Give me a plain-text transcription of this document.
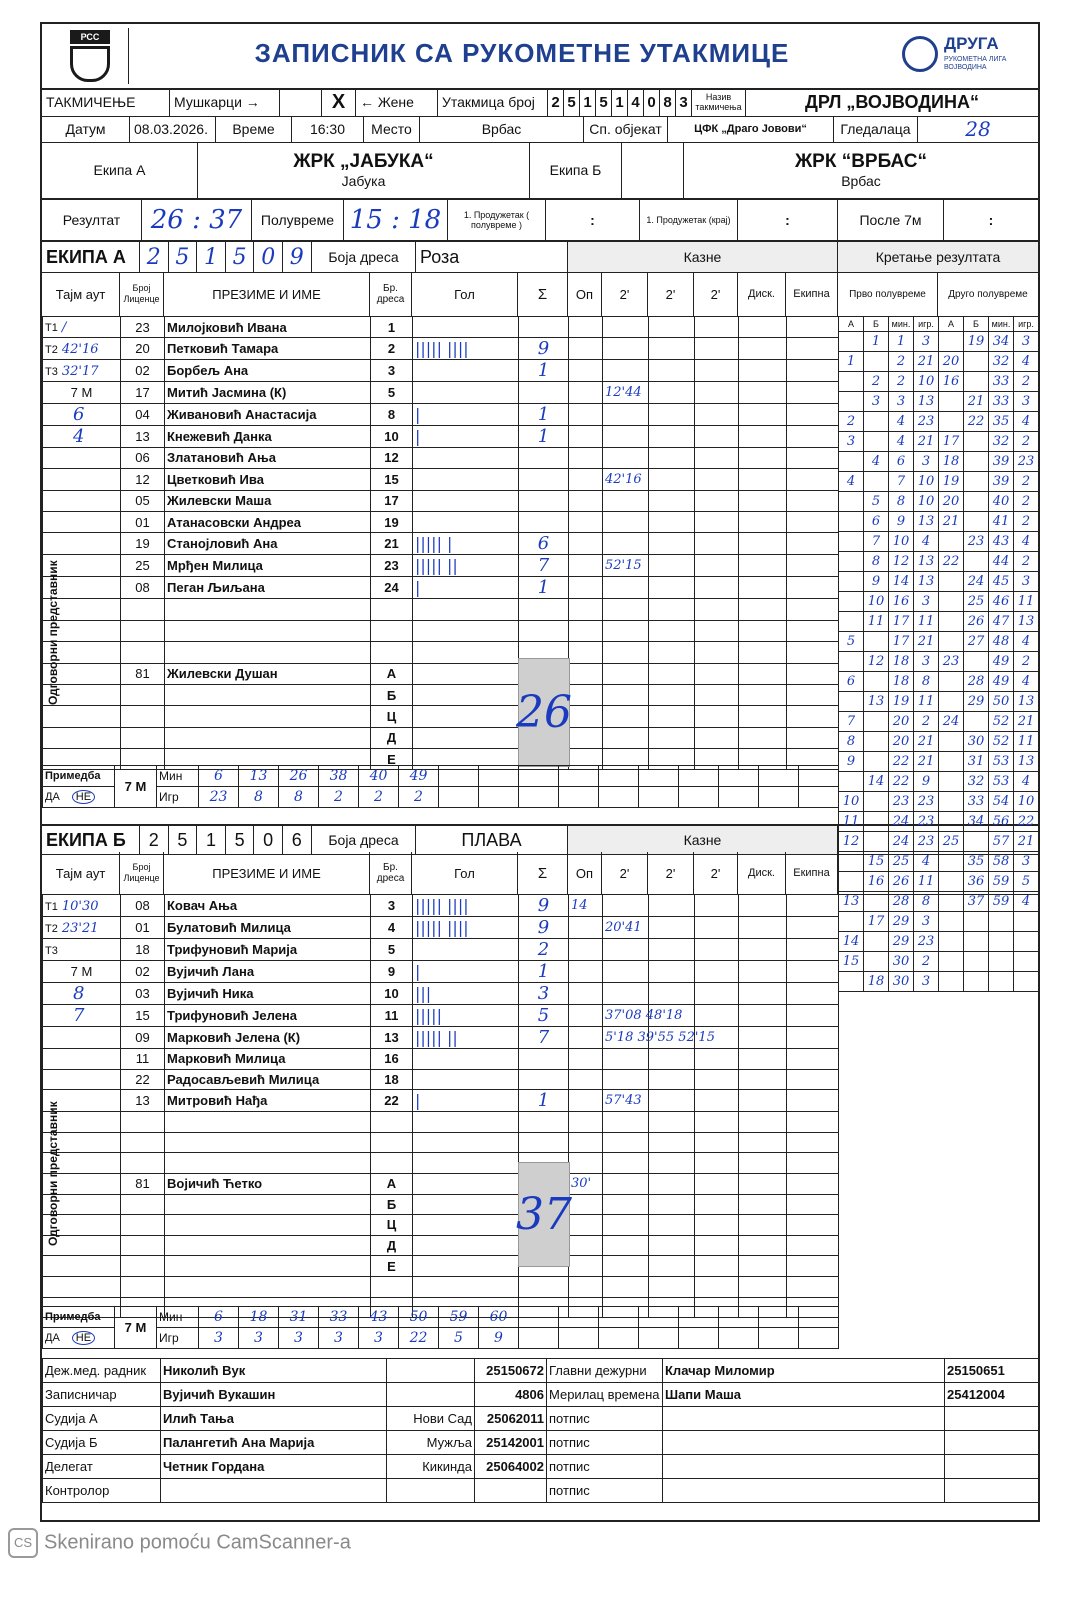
РСС
ЗАПИСНИК СА РУКОМЕТНЕ УТАКМИЦЕ	ДРУГА
РУКОМЕТНА ЛИГА ВОЈВОДИНА
ТАКМИЧЕЊЕ	Мушкарци
→	X	←
Жене Утакмица број	2 5 1 5 1 4 0 8 3	Назив такмичења	ДРЛ „ВОЈВОДИНА“
Датум	08.03.2026.	Време	16:30	Место	Врбас	Сп. објекат	ЦФК „Драго Јовови“	Гледалаца	28
Екипа А	ЖРК „ЈАБУКА“
Јабука
Екипа Б	ЖРК “ВРБАС“
Врбас
Резултат	26 : 37	Полувреме 15 : 18	1. Продужетак ( полувреме )	:	1. Продужетак (крај)	:	После 7м	:
ЕКИПА А 2 5 1 5 0 9	Боја дреса	Роза	Казне	Кретање резултата
Тајм аут	Број Лиценце	ПРЕЗИМЕ И ИМЕ	Бр. дреса	Гол	Σ	Оп	2'	2'	2'	Диск.	Екипна	Прво полувреме	Друго полувреме
T1 /	23	Милојковић Ивана	1								
T2 42'16	20	Петковић Тамара	2	||||| ||||	9						
T3 32'17	02	Борбељ Ана	3		1						
7 М	17	Митић Јасмина (К)	5				12'44				
6	04	Живановић Анастасија	8	|	1						
4	13	Кнежевић Данка	10	|	1						
	06	Златановић Ања	12								
	12	Цветковић Ива	15				42'16				
	05	Жилевски Маша	17								
	01	Атанасовски Андреа	19								
	19	Станојловић Ана	21	||||| |	6						
	25	Мрђен Милица	23	||||| ||	7		52'15				
	08	Пеган Љиљана	24	|	1						

	81	Жилевски Душан	А								
			Б								
			Ц								
			Д								
			Е								
26
Одговорни представник
Примедба	7 М	Мин	6	13	26	38	40	49										
ДА НЕ		Игр	23	8	8	2	2	2										
ЕКИПА Б	2	5	1	5	0	6	Боја дреса	ПЛАВА	Казне
Тајм аут	Број Лиценце	ПРЕЗИМЕ И ИМЕ	Бр. дреса	Гол	Σ	Оп	2'	2'	2'	Диск.	Екипна
T1 10'30	08	Ковач Ања	3	||||| ||||	9	14					
T2 23'21	01	Булатовић Милица	4	||||| ||||	9		20'41				
T3	18	Трифуновић Марија	5		2						
7 М	02	Вујичић Лана	9	|	1						
8	03	Вујичић Ника	10	|||	3						
7	15	Трифуновић Јелена	11	|||||	5		37'08 48'18				
	09	Марковић Јелена (К)	13	||||| ||	7		5'18 39'55 52'15				
	11	Марковић Милица	16								
	22	Радосављевић Милица	18								
	13	Митровић Нађа	22	|	1		57'43				

	81	Војичић Ћетко	А			30'					
			Б								
			Ц								
			Д								
			Е								

37
Одговорни представник
Примедба	7 М	Мин	6	18	31	33	43	50	59	60								
ДА НЕ		Игр	3	3	3	3	3	22	5	9								
А	Б	мин.	игр.	А	Б	мин.	игр.
	1	1	3		19	34	3
1		2	21	20		32	4
	2	2	10	16		33	2
	3	3	13		21	33	3
2		4	23		22	35	4
3		4	21	17		32	2
	4	6	3	18		39	23
4		7	10	19		39	2
	5	8	10	20		40	2
	6	9	13	21		41	2
	7	10	4		23	43	4
	8	12	13	22		44	2
	9	14	13		24	45	3
	10	16	3		25	46	11
	11	17	11		26	47	13
5		17	21		27	48	4
	12	18	3	23		49	2
6		18	8		28	49	4
	13	19	11		29	50	13
7		20	2	24		52	21
8		20	21		30	52	11
9		22	21		31	53	13
	14	22	9		32	53	4
10		23	23		33	54	10
11		24	23		34	56	22
12		24	23	25		57	21
	15	25	4		35	58	3
	16	26	11		36	59	5
13		28	8		37	59	4
	17	29	3				
14		29	23				
15		30	2				
	18	30	3				
Деж.мед. радник	Николић Вук		25150672	Главни дежурни	Клачар Миломир	25150651
Записничар	Вујичић Вукашин		4806	Мерилац времена	Шапи Маша	25412004
Судија А	Илић Тања	Нови Сад	25062011	потпис		
Судија Б	Палангетић Ана Марија	Мужља	25142001	потпис		
Делегат	Четник Гордана	Кикинда	25064002	потпис		
Контролор				потпис		
CS Skenirano pomoću CamScanner-a
